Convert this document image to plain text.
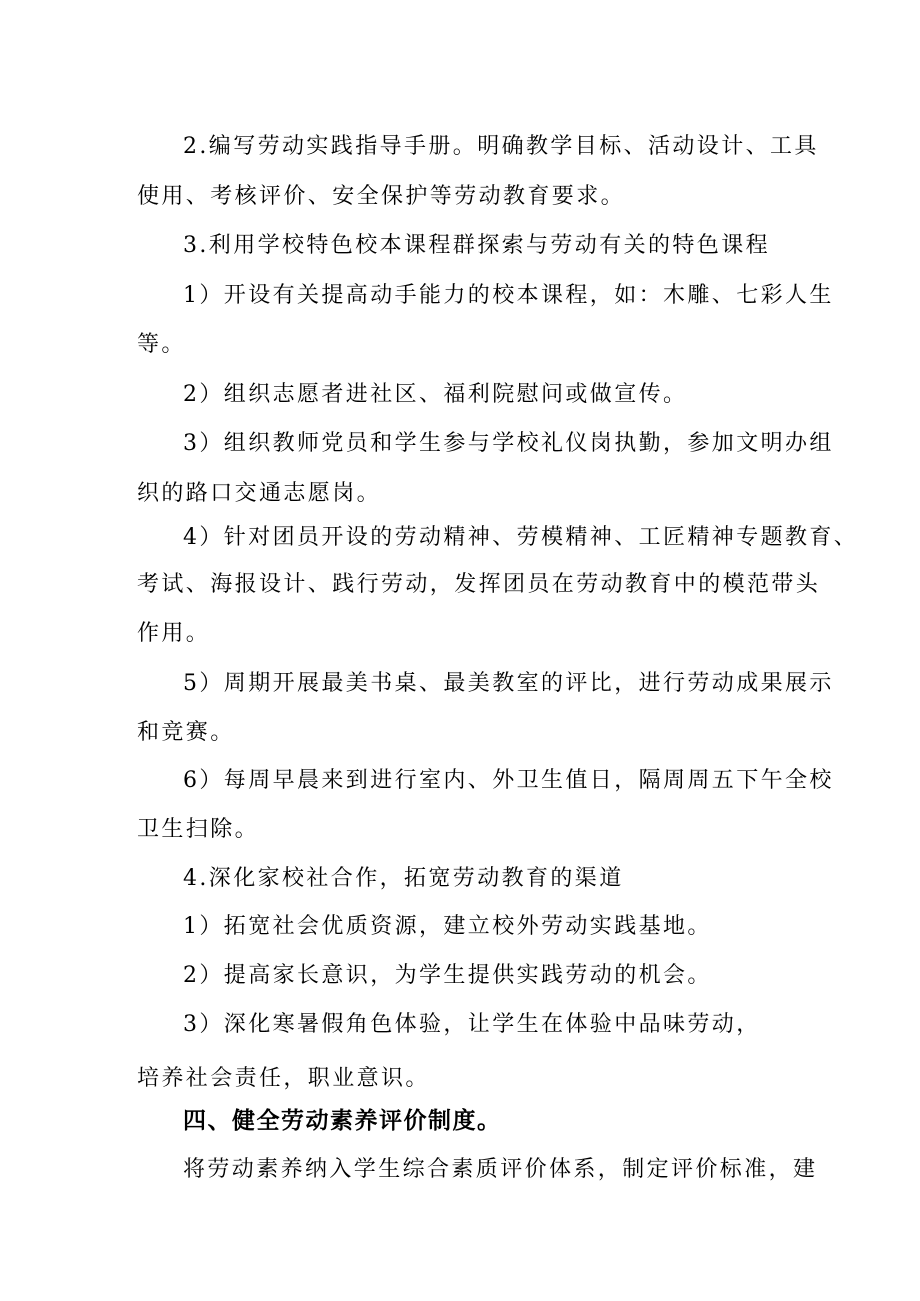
2.编写劳动实践指导手册。明确教学目标、活动设计、工具
使用、考核评价、安全保护等劳动教育要求。
3.利用学校特色校本课程群探索与劳动有关的特色课程
1）开设有关提高动手能力的校本课程，如：木雕、七彩人生
等。
2）组织志愿者进社区、福利院慰问或做宣传。
3）组织教师党员和学生参与学校礼仪岗执勤，参加文明办组
织的路口交通志愿岗。
4）针对团员开设的劳动精神、劳模精神、工匠精神专题教育、
考试、海报设计、践行劳动，发挥团员在劳动教育中的模范带头
作用。
5）周期开展最美书桌、最美教室的评比，进行劳动成果展示
和竞赛。
6）每周早晨来到进行室内、外卫生值日，隔周周五下午全校
卫生扫除。
4.深化家校社合作，拓宽劳动教育的渠道
1）拓宽社会优质资源，建立校外劳动实践基地。
2）提高家长意识，为学生提供实践劳动的机会。
3）深化寒暑假角色体验，让学生在体验中品味劳动，
培养社会责任，职业意识。
四、健全劳动素养评价制度。
将劳动素养纳入学生综合素质评价体系，制定评价标准，建
